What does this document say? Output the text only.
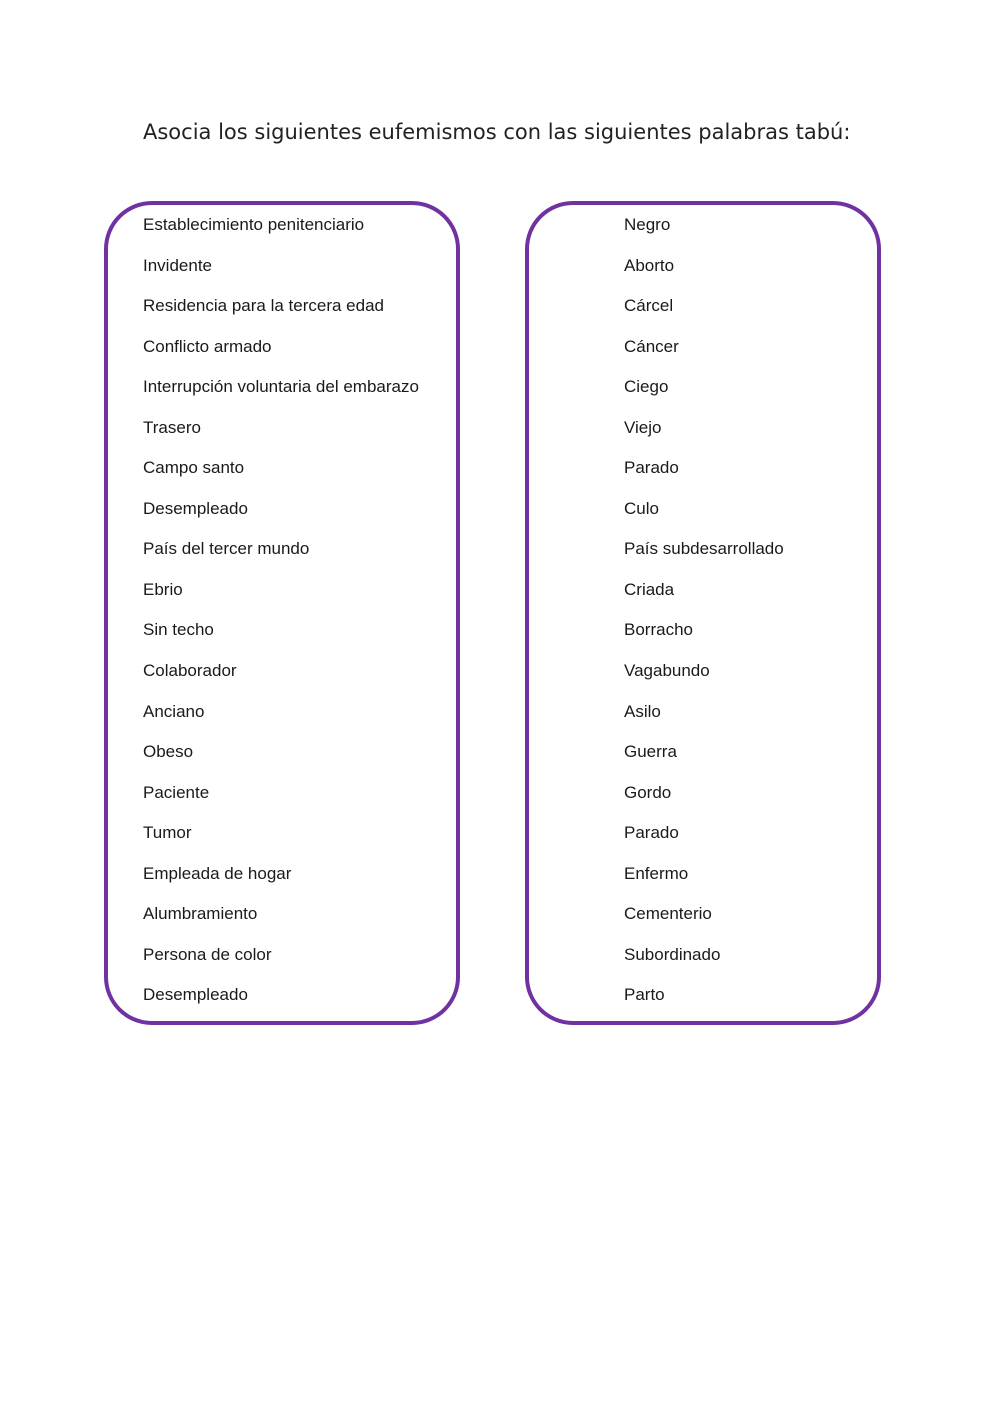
Asocia los siguientes eufemismos con las siguientes palabras tabú:
Establecimiento penitenciario
Invidente
Residencia para la tercera edad
Conflicto armado
Interrupción voluntaria del embarazo
Trasero
Campo santo
Desempleado
País del tercer mundo
Ebrio
Sin techo
Colaborador
Anciano
Obeso
Paciente
Tumor
Empleada de hogar
Alumbramiento
Persona de color
Desempleado
Negro
Aborto
Cárcel
Cáncer
Ciego
Viejo
Parado
Culo
País subdesarrollado
Criada
Borracho
Vagabundo
Asilo
Guerra
Gordo
Parado
Enfermo
Cementerio
Subordinado
Parto
